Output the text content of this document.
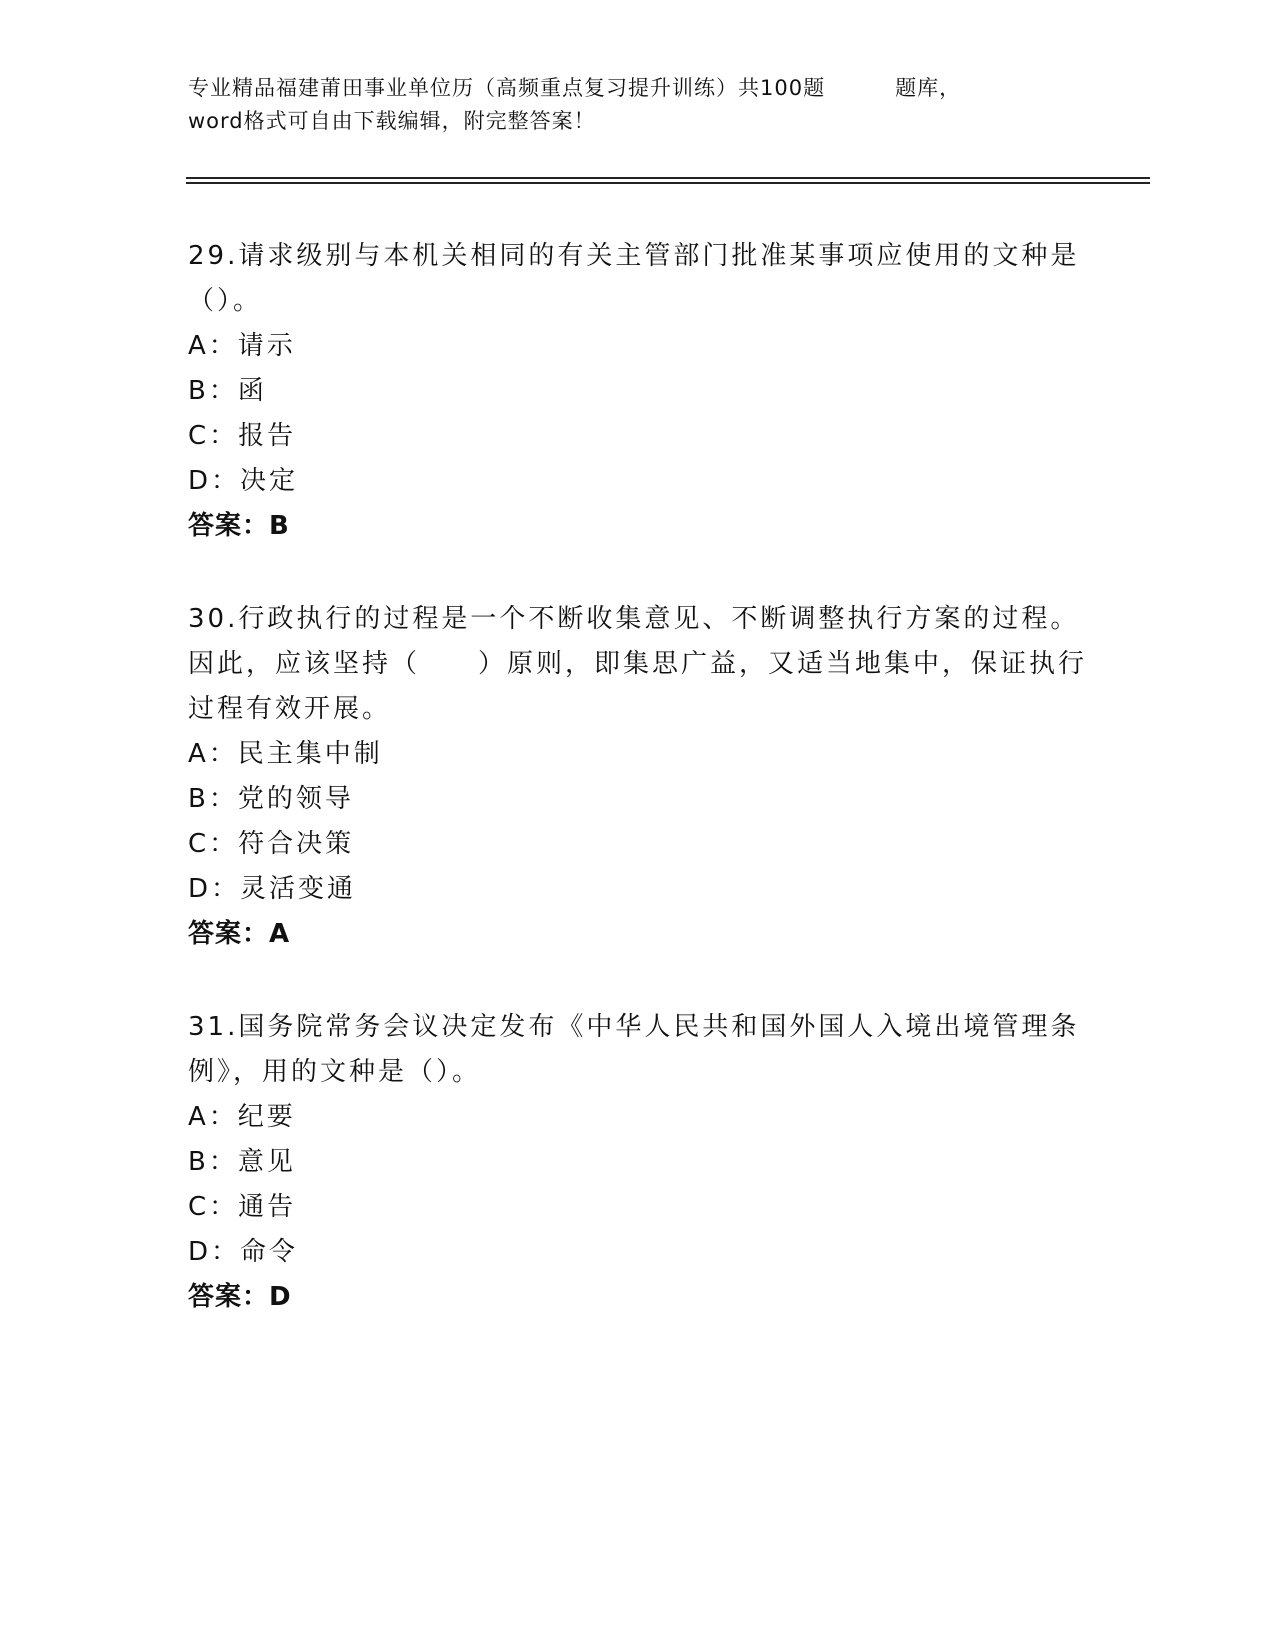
专业精品福建莆田事业单位历（高频重点复习提升训练）共100题	题库，
word格式可自由下载编辑，附完整答案！
29.请求级别与本机关相同的有关主管部门批准某事项应使用的文种是（）。
A：请示
B：函
C：报告
D：决定
答案：B
30.行政执行的过程是一个不断收集意见、不断调整执行方案的过程。因此，应该坚持（ ）原则，即集思广益，又适当地集中，保证执行过程有效开展。
A：民主集中制
B：党的领导
C：符合决策
D：灵活变通
答案：A
31.国务院常务会议决定发布《中华人民共和国外国人入境出境管理条例》，用的文种是（）。
A：纪要
B：意见
C：通告
D：命令
答案：D
